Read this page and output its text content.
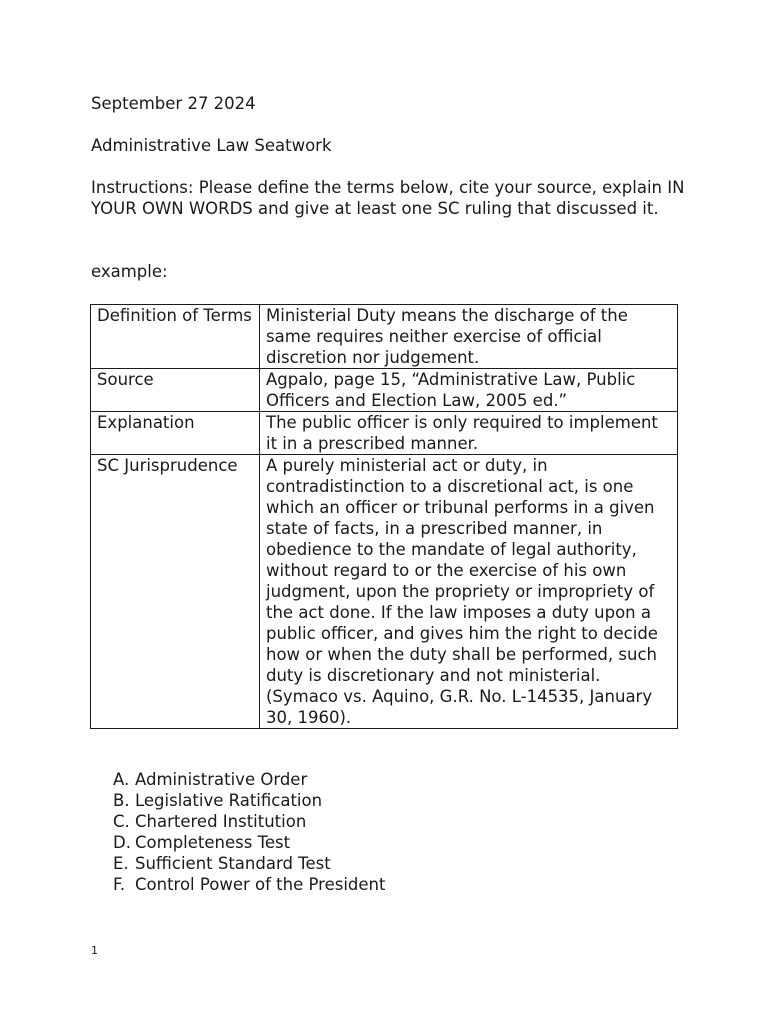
September 27 2024
Administrative Law Seatwork
Instructions: Please define the terms below, cite your source, explain IN YOUR OWN WORDS and give at least one SC ruling that discussed it.
example:
Definition of Terms	Ministerial Duty means the discharge of the same requires neither exercise of official discretion nor judgement.
Source	Agpalo, page 15, “Administrative Law, Public Officers and Election Law, 2005 ed.”
Explanation	The public officer is only required to implement it in a prescribed manner.
SC Jurisprudence	A purely ministerial act or duty, in contradistinction to a discretional act, is one which an officer or tribunal performs in a given state of facts, in a prescribed manner, in obedience to the mandate of legal authority, without regard to or the exercise of his own judgment, upon the propriety or impropriety of the act done. If the law imposes a duty upon a public officer, and gives him the right to decide how or when the duty shall be performed, such duty is discretionary and not ministerial.
(Symaco vs. Aquino, G.R. No. L-14535, January 30, 1960).
A. Administrative Order
B. Legislative Ratification
C. Chartered Institution
D. Completeness Test
E. Sufficient Standard Test
F. Control Power of the President
1
